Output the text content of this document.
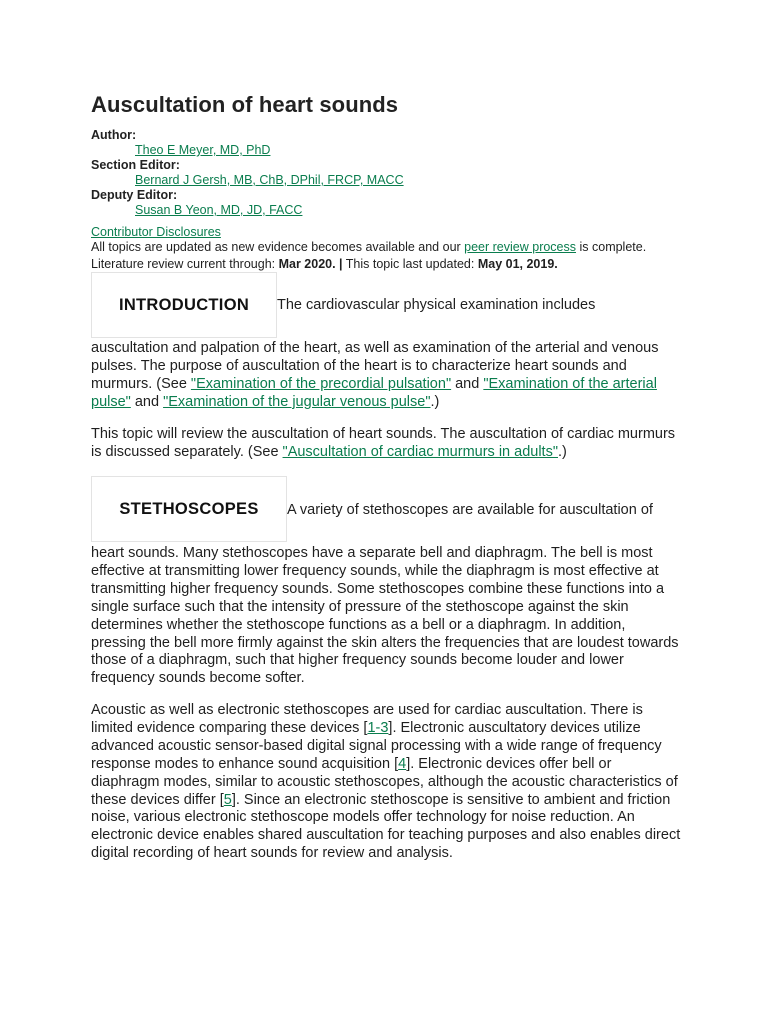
Auscultation of heart sounds
Author:
Theo E Meyer, MD, PhD
Section Editor:
Bernard J Gersh, MB, ChB, DPhil, FRCP, MACC
Deputy Editor:
Susan B Yeon, MD, JD, FACC
Contributor Disclosures
All topics are updated as new evidence becomes available and our peer review process is complete.
Literature review current through: Mar 2020. | This topic last updated: May 01, 2019.
INTRODUCTION The cardiovascular physical examination includes

auscultation and palpation of the heart, as well as examination of the arterial and venous pulses. The purpose of auscultation of the heart is to characterize heart sounds and murmurs. (See "Examination of the precordial pulsation" and "Examination of the arterial pulse" and "Examination of the jugular venous pulse".)

This topic will review the auscultation of heart sounds. The auscultation of cardiac murmurs is discussed separately. (See "Auscultation of cardiac murmurs in adults".)

STETHOSCOPES A variety of stethoscopes are available for auscultation of

heart sounds. Many stethoscopes have a separate bell and diaphragm. The bell is most effective at transmitting lower frequency sounds, while the diaphragm is most effective at transmitting higher frequency sounds. Some stethoscopes combine these functions into a single surface such that the intensity of pressure of the stethoscope against the skin determines whether the stethoscope functions as a bell or a diaphragm. In addition, pressing the bell more firmly against the skin alters the frequencies that are loudest towards those of a diaphragm, such that higher frequency sounds become louder and lower frequency sounds become softer.

Acoustic as well as electronic stethoscopes are used for cardiac auscultation. There is limited evidence comparing these devices [1-3]. Electronic auscultatory devices utilize advanced acoustic sensor-based digital signal processing with a wide range of frequency response modes to enhance sound acquisition [4]. Electronic devices offer bell or diaphragm modes, similar to acoustic stethoscopes, although the acoustic characteristics of these devices differ [5]. Since an electronic stethoscope is sensitive to ambient and friction noise, various electronic stethoscope models offer technology for noise reduction. An electronic device enables shared auscultation for teaching purposes and also enables direct digital recording of heart sounds for review and analysis.
